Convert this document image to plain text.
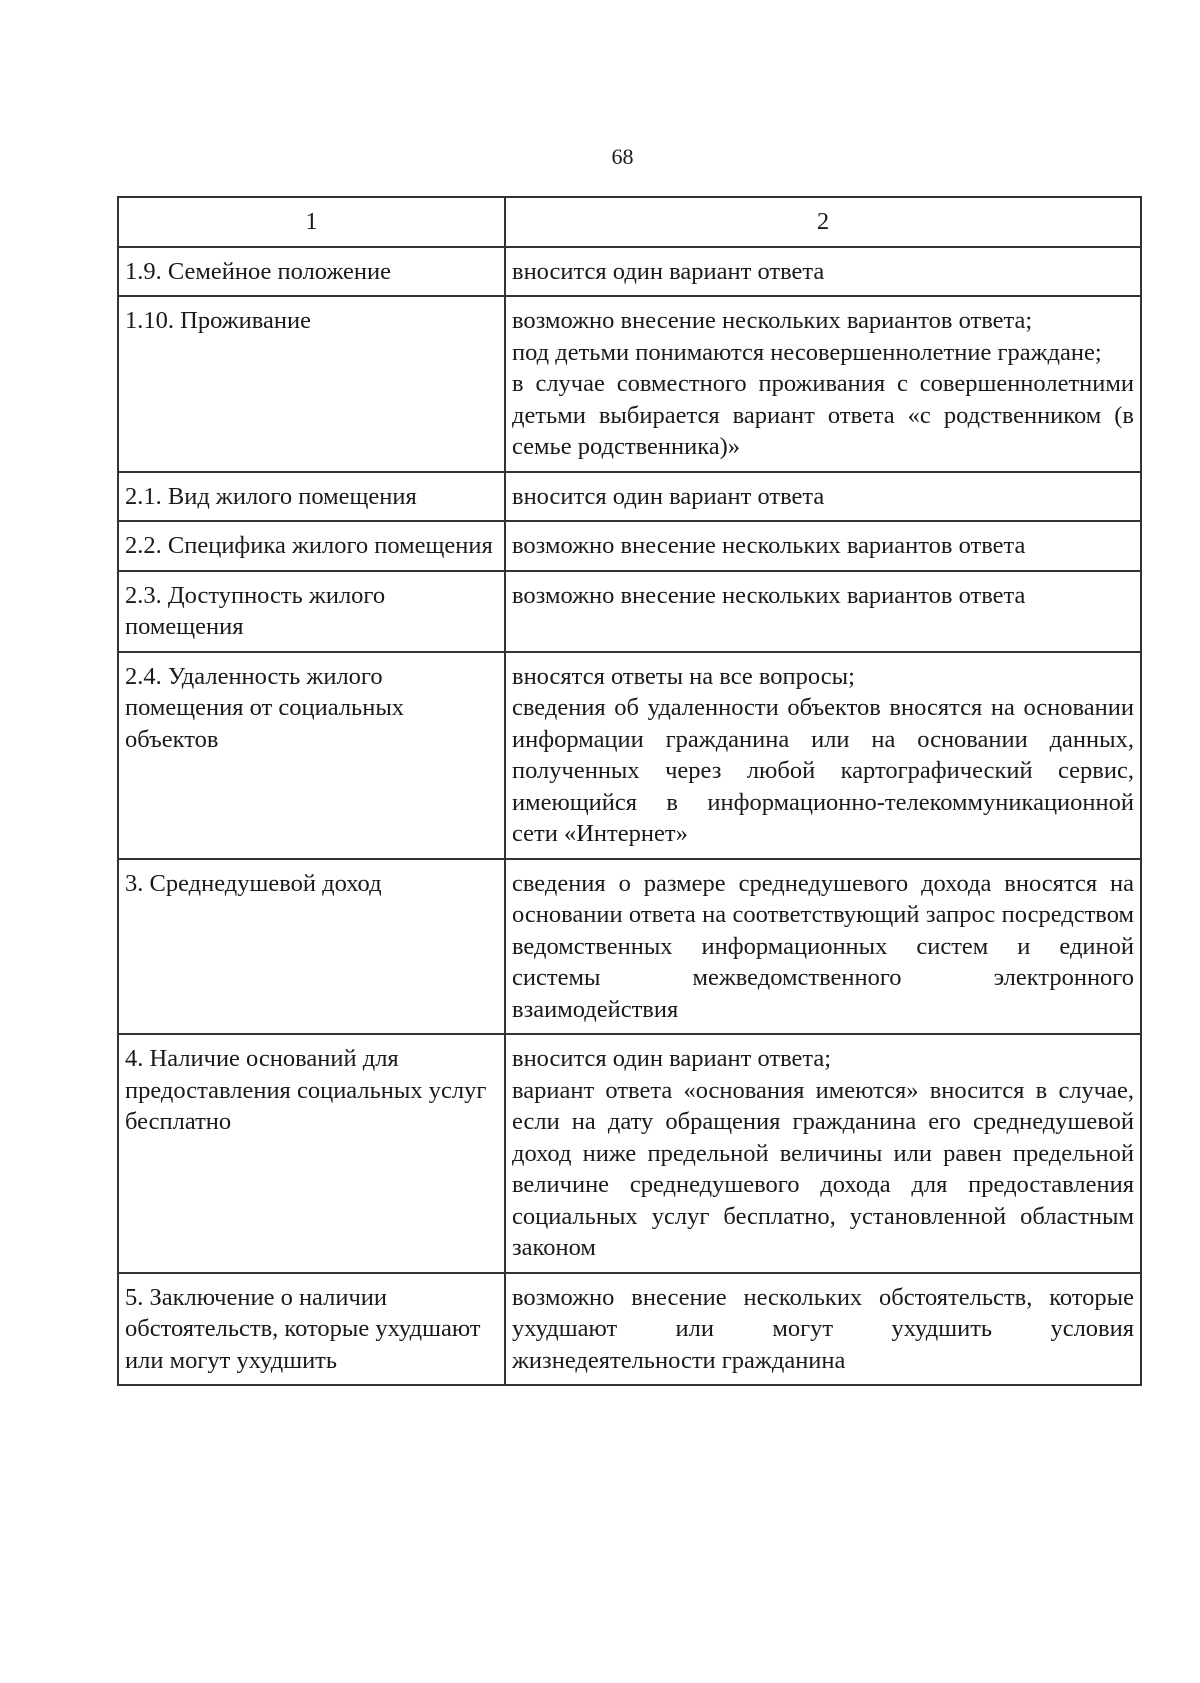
68
1	2
1.9. Семейное положение	вносится один вариант ответа

1.10. Проживание	возможно внесение нескольких вариантов ответа;

под детьми понимаются несовершеннолетние граждане;

в случае совместного проживания с совершеннолетними детьми выбирается вариант ответа «с родственником (в семье родственника)»

2.1. Вид жилого помещения	вносится один вариант ответа

2.2. Специфика жилого помещения	возможно внесение нескольких вариантов ответа

2.3. Доступность жилого помещения	возможно внесение нескольких вариантов ответа

2.4. Удаленность жилого помещения от социальных объектов	вносятся ответы на все вопросы;

сведения об удаленности объектов вносятся на основании информации гражданина или на основании данных, полученных через любой картографический сервис, имеющийся в информационно-телекоммуникационной сети «Интернет»

3. Среднедушевой доход	сведения о размере среднедушевого дохода вносятся на основании ответа на соответствующий запрос посредством ведомственных информационных систем и единой системы межведомственного электронного взаимодействия

4. Наличие оснований для предоставления социальных услуг бесплатно	вносится один вариант ответа;

вариант ответа «основания имеются» вносится в случае, если на дату обращения гражданина его среднедушевой доход ниже предельной величины или равен предельной величине среднедушевого дохода для предоставления социальных услуг бесплатно, установленной областным законом

5. Заключение о наличии обстоятельств, которые ухудшают или могут ухудшить	возможно внесение нескольких обстоятельств, которые ухудшают или могут ухудшить условия жизнедеятельности гражданина
